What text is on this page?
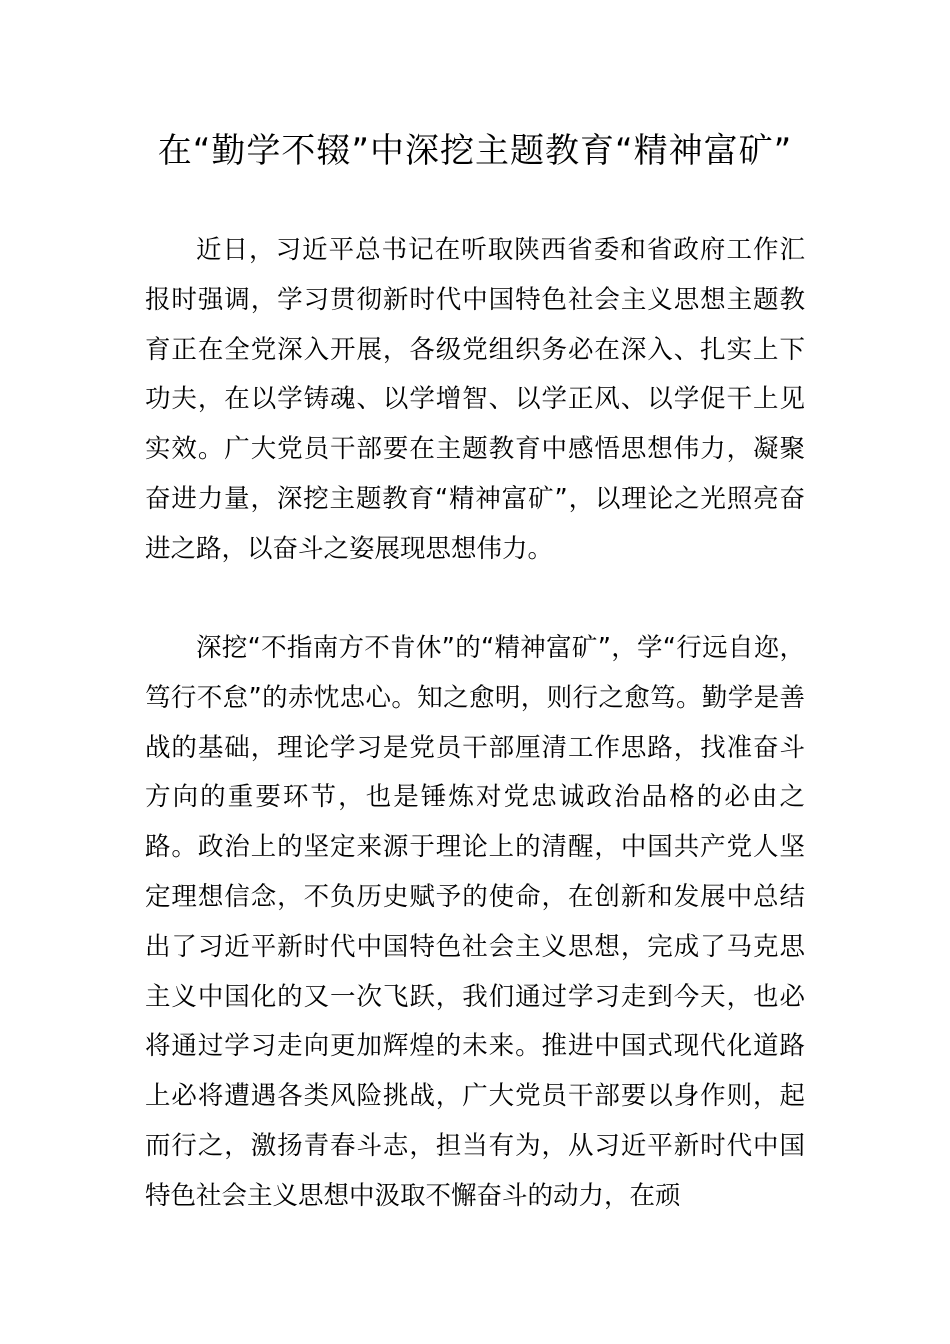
在“勤学不辍”中深挖主题教育“精神富矿”

近日，习近平总书记在听取陕西省委和省政府工作汇报时强调，学习贯彻新时代中国特色社会主义思想主题教育正在全党深入开展，各级党组织务必在深入、扎实上下功夫，在以学铸魂、以学增智、以学正风、以学促干上见实效。广大党员干部要在主题教育中感悟思想伟力，凝聚奋进力量，深挖主题教育“精神富矿”，以理论之光照亮奋进之路，以奋斗之姿展现思想伟力。

深挖“不指南方不肯休”的“精神富矿”，学“行远自迩，笃行不怠”的赤忱忠心。知之愈明，则行之愈笃。勤学是善战的基础，理论学习是党员干部厘清工作思路，找准奋斗方向的重要环节，也是锤炼对党忠诚政治品格的必由之路。政治上的坚定来源于理论上的清醒，中国共产党人坚定理想信念，不负历史赋予的使命，在创新和发展中总结出了习近平新时代中国特色社会主义思想，完成了马克思主义中国化的又一次飞跃，我们通过学习走到今天，也必将通过学习走向更加辉煌的未来。推进中国式现代化道路上必将遭遇各类风险挑战，广大党员干部要以身作则，起而行之，激扬青春斗志，担当有为，从习近平新时代中国特色社会主义思想中汲取不懈奋斗的动力，在顽
